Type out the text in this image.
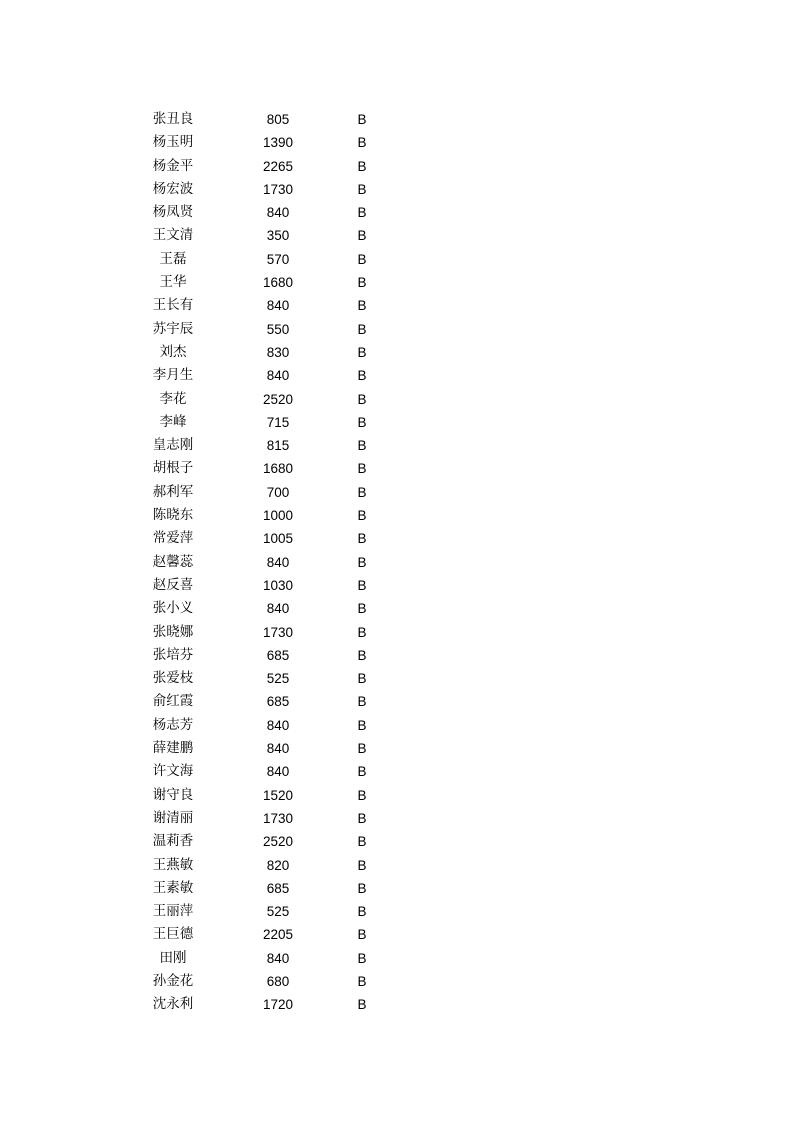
张丑良	805	B
杨玉明	1390	B
杨金平	2265	B
杨宏波	1730	B
杨凤贤	840	B
王文清	350	B
王磊	570	B
王华	1680	B
王长有	840	B
苏宇辰	550	B
刘杰	830	B
李月生	840	B
李花	2520	B
李峰	715	B
皇志刚	815	B
胡根子	1680	B
郝利军	700	B
陈晓东	1000	B
常爱萍	1005	B
赵馨蕊	840	B
赵反喜	1030	B
张小义	840	B
张晓娜	1730	B
张培芬	685	B
张爱枝	525	B
俞红霞	685	B
杨志芳	840	B
薛建鹏	840	B
许文海	840	B
谢守良	1520	B
谢清丽	1730	B
温莉香	2520	B
王燕敏	820	B
王素敏	685	B
王丽萍	525	B
王巨德	2205	B
田刚	840	B
孙金花	680	B
沈永利	1720	B
